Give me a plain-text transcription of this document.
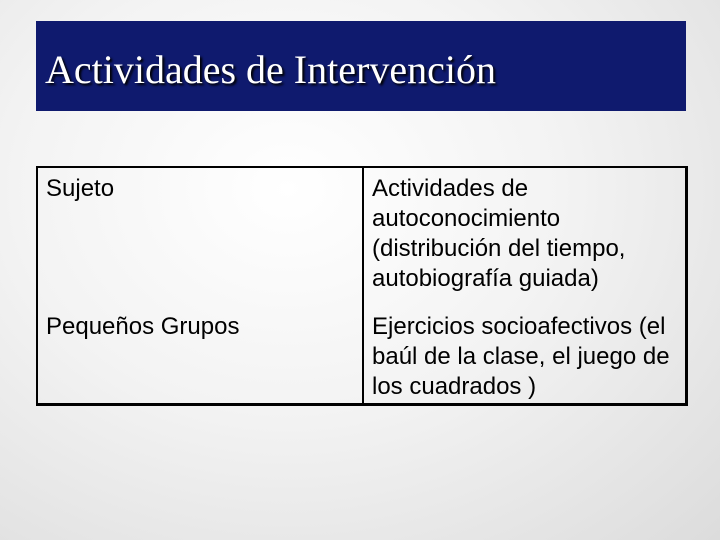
Actividades de Intervención
Sujeto	Actividades de autoconocimiento (distribución del tiempo, autobiografía guiada)
Pequeños Grupos	Ejercicios socioafectivos (el baúl de la clase, el juego de los cuadrados )
